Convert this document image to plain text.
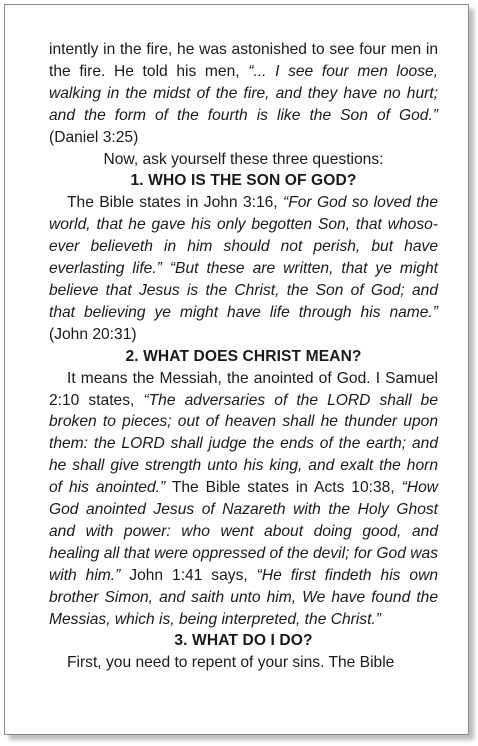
intently in the fire, he was astonished to see four men in the fire. He told his men, “... I see four men loose, walking in the midst of the fire, and they have no hurt; and the form of the fourth is like the Son of God.” (Daniel 3:25)

Now, ask yourself these three questions:

1. WHO IS THE SON OF GOD?

The Bible states in John 3:16, “For God so loved the world, that he gave his only begotten Son, that whoso-ever believeth in him should not perish, but have everlasting life.” “But these are written, that ye might believe that Jesus is the Christ, the Son of God; and that believing ye might have life through his name.” (John 20:31)

2. WHAT DOES CHRIST MEAN?

It means the Messiah, the anointed of God. I Samuel 2:10 states, “The adversaries of the LORD shall be broken to pieces; out of heaven shall he thunder upon them: the LORD shall judge the ends of the earth; and he shall give strength unto his king, and exalt the horn of his anointed.” The Bible states in Acts 10:38, “How God anointed Jesus of Nazareth with the Holy Ghost and with power: who went about doing good, and healing all that were oppressed of the devil; for God was with him.” John 1:41 says, “He first findeth his own brother Simon, and saith unto him, We have found the Messias, which is, being interpreted, the Christ.”

3. WHAT DO I DO?

First, you need to repent of your sins. The Bible
